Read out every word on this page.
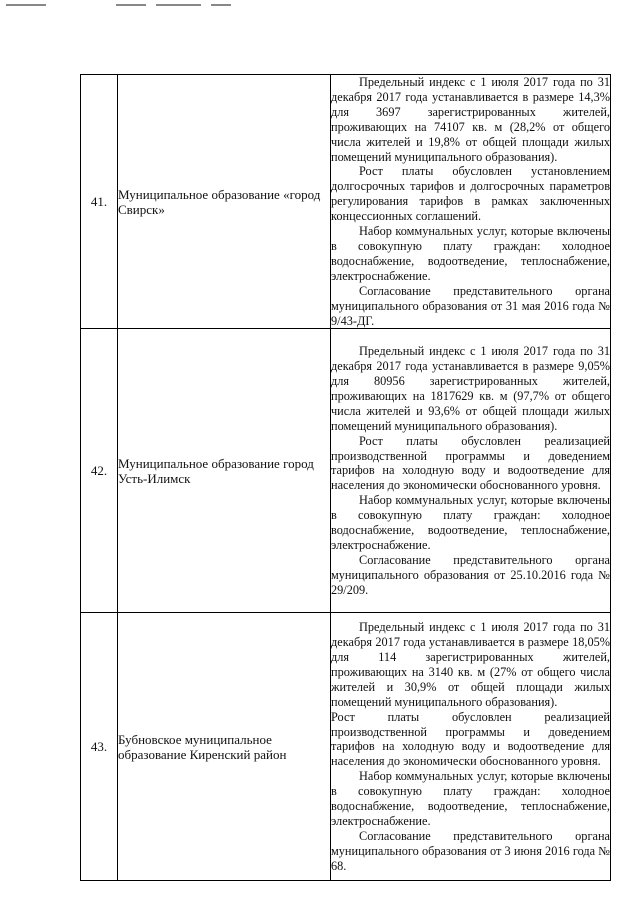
41.	Муниципальное образование «город Свирск»	Предельный индекс с 1 июля 2017 года по 31 декабря 2017 года устанавливается в размере 14,3% для 3697 зарегистрированных жителей, проживающих на 74107 кв. м (28,2% от общего числа жителей и 19,8% от общей площади жилых помещений муниципального образования).

Рост платы обусловлен установлением долгосрочных тарифов и долгосрочных параметров регулирования тарифов в рамках заключенных концессионных соглашений.

Набор коммунальных услуг, которые включены в совокупную плату граждан: холодное водоснабжение, водоотведение, теплоснабжение, электроснабжение.

Согласование представительного органа муниципального образования от 31 мая 2016 года № 9/43-ДГ.

42.	Муниципальное образование город Усть-Илимск	Предельный индекс с 1 июля 2017 года по 31 декабря 2017 года устанавливается в размере 9,05% для 80956 зарегистрированных жителей, проживающих на 1817629 кв. м (97,7% от общего числа жителей и 93,6% от общей площади жилых помещений муниципального образования).

Рост платы обусловлен реализацией производственной программы и доведением тарифов на холодную воду и водоотведение для населения до экономически обоснованного уровня.

Набор коммунальных услуг, которые включены в совокупную плату граждан: холодное водоснабжение, водоотведение, теплоснабжение, электроснабжение.

Согласование представительного органа муниципального образования от 25.10.2016 года № 29/209.

43.	Бубновское муниципальное образование Киренский район	Предельный индекс с 1 июля 2017 года по 31 декабря 2017 года устанавливается в размере 18,05% для 114 зарегистрированных жителей, проживающих на 3140 кв. м (27% от общего числа жителей и 30,9% от общей площади жилых помещений муниципального образования).

Рост платы обусловлен реализацией производственной программы и доведением тарифов на холодную воду и водоотведение для населения до экономически обоснованного уровня.

Набор коммунальных услуг, которые включены в совокупную плату граждан: холодное водоснабжение, водоотведение, теплоснабжение, электроснабжение.

Согласование представительного органа муниципального образования от 3 июня 2016 года № 68.
